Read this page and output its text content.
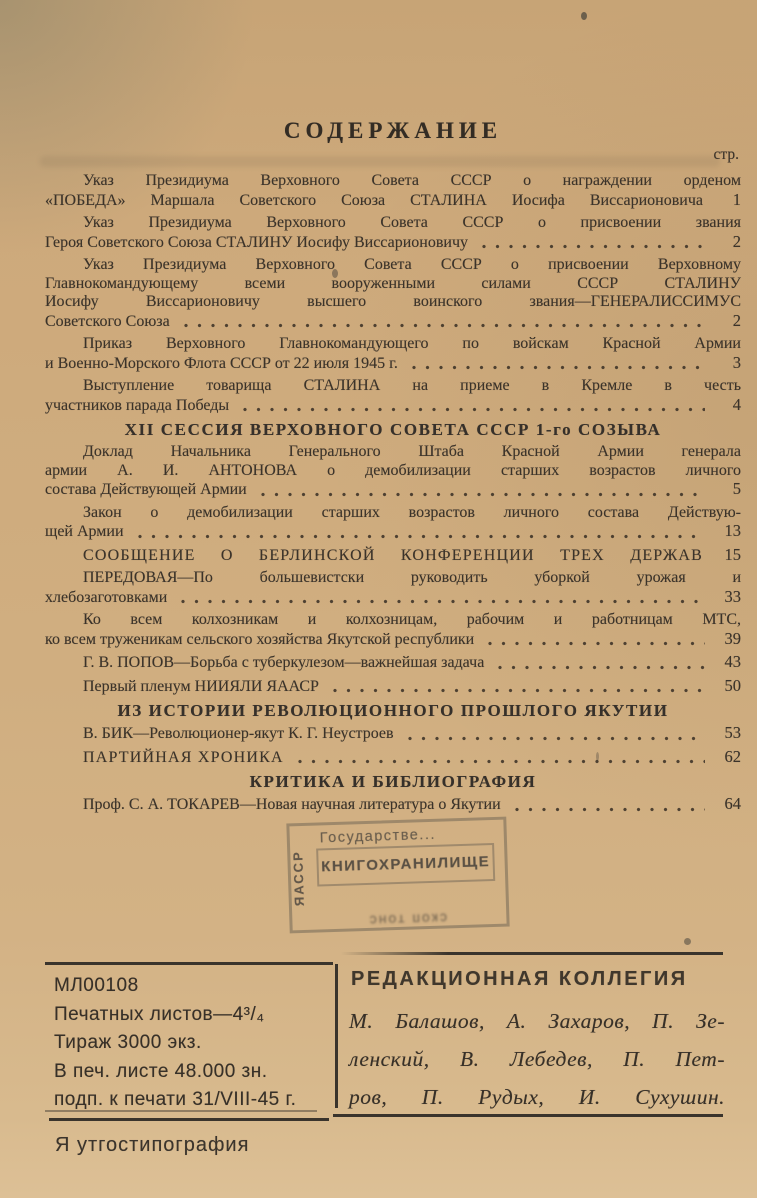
СОДЕРЖАНИЕ
стр.
Указ Президиума Верховного Совета СССР о награждении орденом
«ПОБЕДА» Маршала Советского Союза СТАЛИНА Иосифа Виссарионовича	1
Указ Президиума Верховного Совета СССР о присвоении звания
Героя Советского Союза СТАЛИНУ Иосифу Виссарионовичу	2
Указ Президиума Верховного Совета СССР о присвоении Верховному
Главнокомандующему всеми вооруженными силами СССР СТАЛИНУ
Иосифу Виссарионовичу высшего воинского звания—ГЕНЕРАЛИССИМУС
Советского Союза	2
Приказ Верховного Главнокомандующего по войскам Красной Армии
и Военно-Морского Флота СССР от 22 июля 1945 г.	3
Выступление товарища СТАЛИНА на приеме в Кремле в честь
участников парада Победы	4
XII СЕССИЯ ВЕРХОВНОГО СОВЕТА СССР 1-го СОЗЫВА
Доклад Начальника Генерального Штаба Красной Армии генерала
армии А. И. АНТОНОВА о демобилизации старших возрастов личного
состава Действующей Армии	5
Закон о демобилизации старших возрастов личного состава Действую-
щей Армии	13
СООБЩЕНИЕ О БЕРЛИНСКОЙ КОНФЕРЕНЦИИ ТРЕХ ДЕРЖАВ	15
ПЕРЕДОВАЯ—По большевистски руководить уборкой урожая и
хлебозаготовками	33
Ко всем колхозникам и колхозницам, рабочим и работницам МТС,
ко всем труженикам сельского хозяйства Якутской республики	39
Г. В. ПОПОВ—Борьба с туберкулезом—важнейшая задача	43
Первый пленум НИИЯЛИ ЯААСР	50
ИЗ ИСТОРИИ РЕВОЛЮЦИОННОГО ПРОШЛОГО ЯКУТИИ
В. БИК—Революционер-якут К. Г. Неустроев	53
ПАРТИЙНАЯ ХРОНИКА	62
КРИТИКА И БИБЛИОГРАФИЯ
Проф. С. А. ТОКАРЕВ—Новая научная литература о Якутии	64
ЯАССР
Государстве...
КНИГОХРАНИЛИЩЕ
скоп тонс
МЛ00108
Печатных листов—4³/₄
Тираж 3000 экз.
В печ. листе 48.000 зн.
подп. к печати 31/VIII-45 г.
РЕДАКЦИОННАЯ КОЛЛЕГИЯ
М. Балашов, А. Захаров, П. Зе-
ленский, В. Лебедев, П. Пет-
ров, П. Рудых, И. Сухушин.
Я утгостипография
